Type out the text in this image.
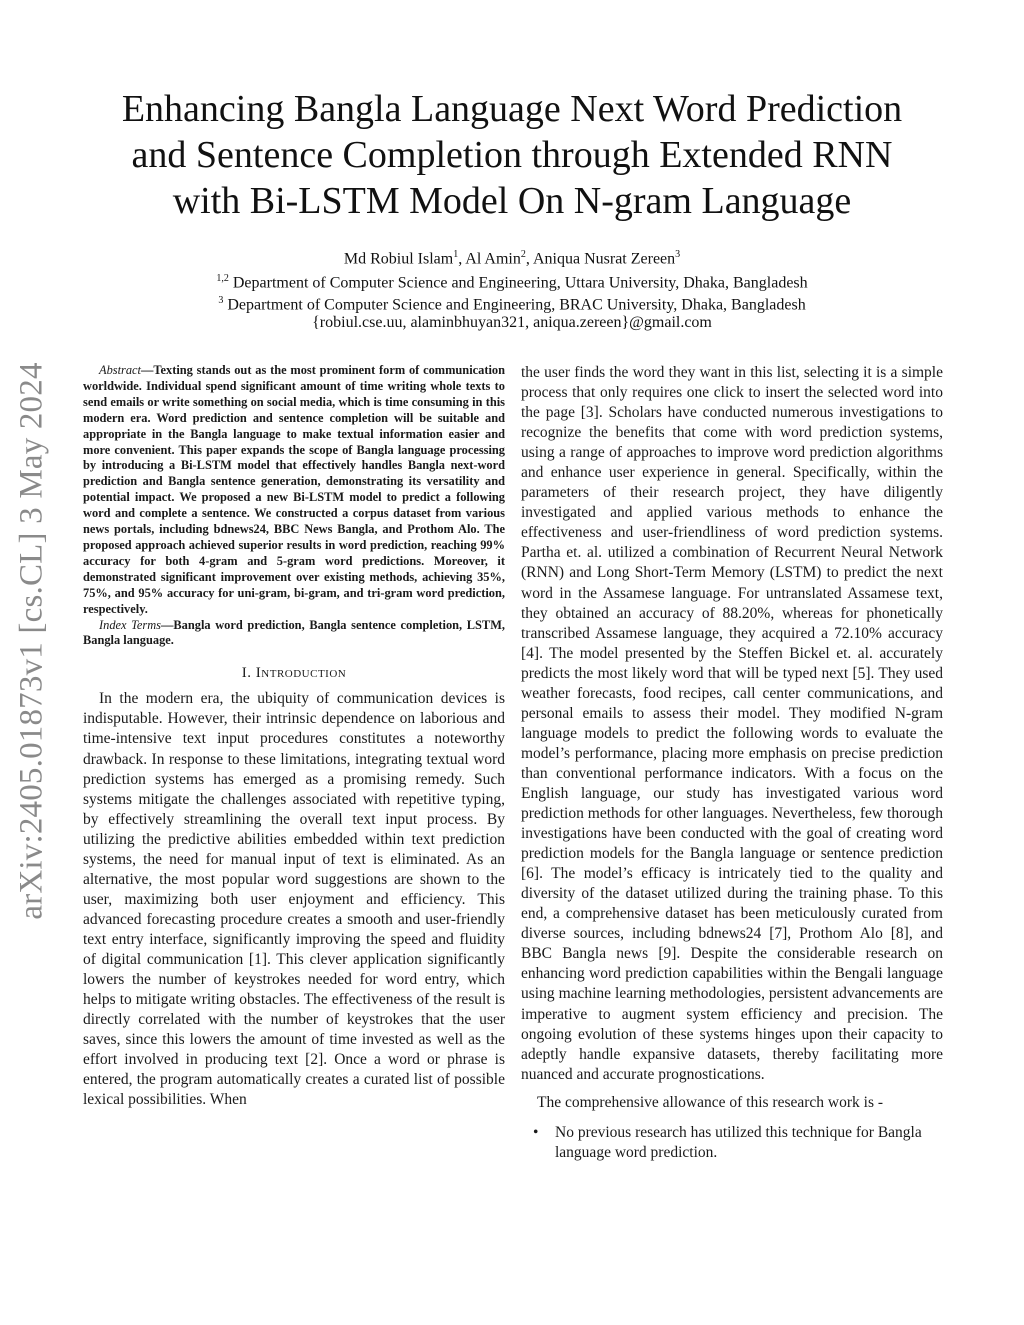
arXiv:2405.01873v1 [cs.CL] 3 May 2024
Enhancing Bangla Language Next Word Prediction
and Sentence Completion through Extended RNN
with Bi-LSTM Model On N-gram Language
Md Robiul Islam$^1$, Al Amin$^2$, Aniqua Nusrat Zereen$^3$
$^{1,2}$ Department of Computer Science and Engineering, Uttara University, Dhaka, Bangladesh
$^3$ Department of Computer Science and Engineering, BRAC University, Dhaka, Bangladesh
{robiul.cse.uu, alaminbhuyan321, aniqua.zereen}@gmail.com

Abstract—Texting stands out as the most prominent form of communication worldwide. Individual spend significant amount of time writing whole texts to send emails or write something on social media, which is time consuming in this modern era. Word prediction and sentence completion will be suitable and appropriate in the Bangla language to make textual information easier and more convenient. This paper expands the scope of Bangla language processing by introducing a Bi-LSTM model that effectively handles Bangla next-word prediction and Bangla sentence generation, demonstrating its versatility and potential impact. We proposed a new Bi-LSTM model to predict a following word and complete a sentence. We constructed a corpus dataset from various news portals, including bdnews24, BBC News Bangla, and Prothom Alo. The proposed approach achieved superior results in word prediction, reaching 99% accuracy for both 4-gram and 5-gram word predictions. Moreover, it demonstrated significant improvement over existing methods, achieving 35%, 75%, and 95% accuracy for uni-gram, bi-gram, and tri-gram word prediction, respectively.

Index Terms—Bangla word prediction, Bangla sentence completion, LSTM, Bangla language.

I. Introduction

In the modern era, the ubiquity of communication devices is indisputable. However, their intrinsic dependence on laborious and time-intensive text input procedures constitutes a noteworthy drawback. In response to these limitations, integrating textual word prediction systems has emerged as a promising remedy. Such systems mitigate the challenges associated with repetitive typing, by effectively streamlining the overall text input process. By utilizing the predictive abilities embedded within text prediction systems, the need for manual input of text is eliminated. As an alternative, the most popular word suggestions are shown to the user, maximizing both user enjoyment and efficiency. This advanced forecasting procedure creates a smooth and user-friendly text entry interface, significantly improving the speed and fluidity of digital communication [1]. This clever application significantly lowers the number of keystrokes needed for word entry, which helps to mitigate writing obstacles. The effectiveness of the result is directly correlated with the number of keystrokes that the user saves, since this lowers the amount of time invested as well as the effort involved in producing text [2]. Once a word or phrase is entered, the program automatically creates a curated list of possible lexical possibilities. When

the user finds the word they want in this list, selecting it is a simple process that only requires one click to insert the selected word into the page [3]. Scholars have conducted numerous investigations to recognize the benefits that come with word prediction systems, using a range of approaches to improve word prediction algorithms and enhance user experience in general. Specifically, within the parameters of their research project, they have diligently investigated and applied various methods to enhance the effectiveness and user-friendliness of word prediction systems. Partha et. al. utilized a combination of Recurrent Neural Network (RNN) and Long Short-Term Memory (LSTM) to predict the next word in the Assamese language. For untranslated Assamese text, they obtained an accuracy of 88.20%, whereas for phonetically transcribed Assamese language, they acquired a 72.10% accuracy [4]. The model presented by the Steffen Bickel et. al. accurately predicts the most likely word that will be typed next [5]. They used weather forecasts, food recipes, call center communications, and personal emails to assess their model. They modified N-gram language models to predict the following words to evaluate the model’s performance, placing more emphasis on precise prediction than conventional performance indicators. With a focus on the English language, our study has investigated various word prediction methods for other languages. Nevertheless, few thorough investigations have been conducted with the goal of creating word prediction models for the Bangla language or sentence prediction [6]. The model’s efficacy is intricately tied to the quality and diversity of the dataset utilized during the training phase. To this end, a comprehensive dataset has been meticulously curated from diverse sources, including bdnews24 [7], Prothom Alo [8], and BBC Bangla news [9]. Despite the considerable research on enhancing word prediction capabilities within the Bengali language using machine learning methodologies, persistent advancements are imperative to augment system efficiency and precision. The ongoing evolution of these systems hinges upon their capacity to adeptly handle expansive datasets, thereby facilitating more nuanced and accurate prognostications.

The comprehensive allowance of this research work is -

• No previous research has utilized this technique for Bangla language word prediction.
